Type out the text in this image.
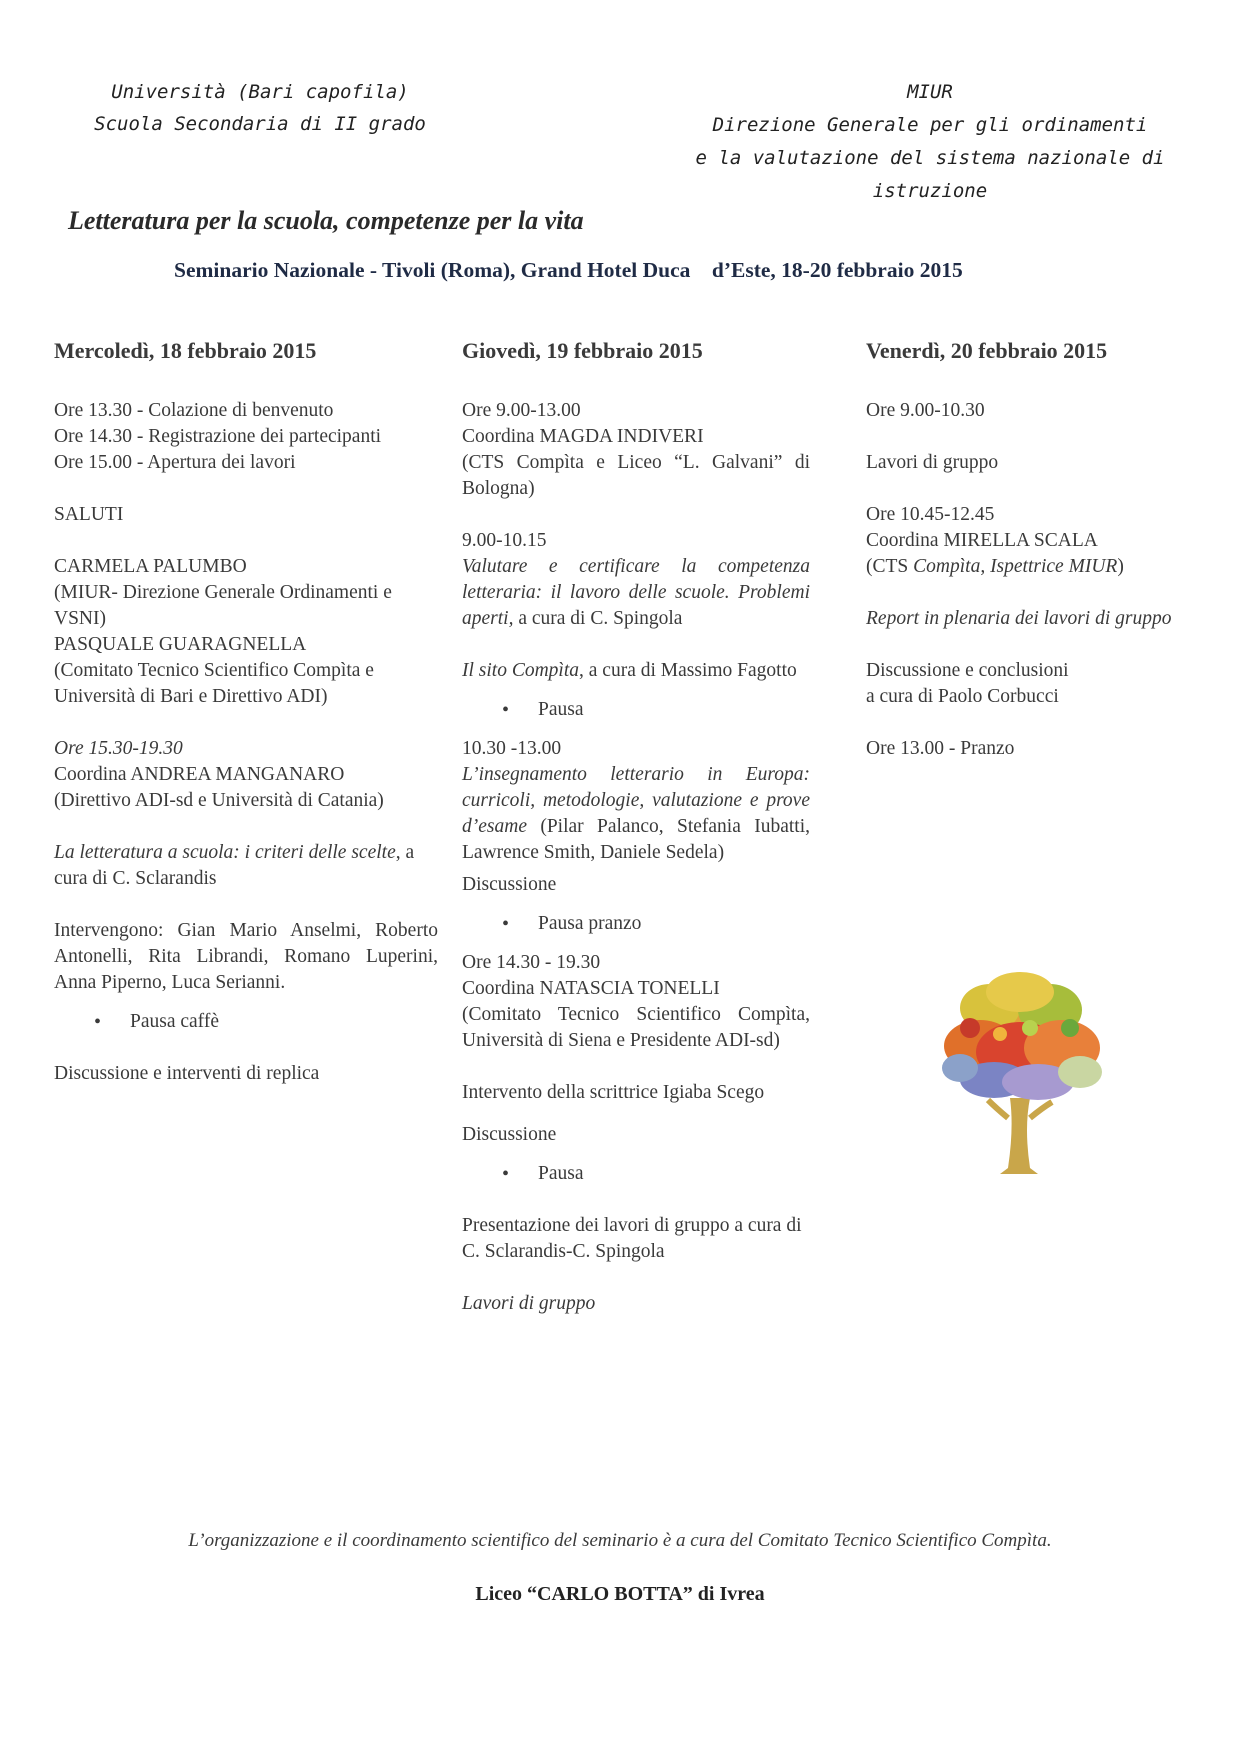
Università (Bari capofila)
Scuola Secondaria di II grado
MIUR
Direzione Generale per gli ordinamenti
e la valutazione del sistema nazionale di
istruzione
Letteratura per la scuola, competenze per la vita
Seminario Nazionale - Tivoli (Roma), Grand Hotel Duca    d’Este, 18-20 febbraio 2015
Mercoledì, 18 febbraio 2015

Ore 13.30 - Colazione di benvenuto

Ore 14.30 - Registrazione dei partecipanti

Ore 15.00 - Apertura dei lavori

SALUTI

CARMELA PALUMBO

(MIUR- Direzione Generale Ordinamenti e VSNI)

PASQUALE GUARAGNELLA

(Comitato Tecnico Scientifico Compìta e Università di Bari e Direttivo ADI)

Ore 15.30-19.30

Coordina ANDREA MANGANARO

(Direttivo ADI-sd e Università di Catania)

La letteratura a scuola: i criteri delle scelte, a cura di C. Sclarandis

Intervengono: Gian Mario Anselmi, Roberto Antonelli, Rita Librandi, Romano Luperini, Anna Piperno, Luca Serianni.

• Pausa caffè

Discussione e interventi di replica

Giovedì, 19 febbraio 2015

Ore 9.00-13.00

Coordina MAGDA INDIVERI

(CTS Compìta e Liceo “L. Galvani” di Bologna)

9.00-10.15

Valutare e certificare la competenza letteraria: il lavoro delle scuole. Problemi aperti, a cura di C. Spingola

Il sito Compìta, a cura di Massimo Fagotto

• Pausa

10.30 -13.00

L’insegnamento letterario in Europa: curricoli, metodologie, valutazione e prove d’esame (Pilar Palanco, Stefania Iubatti, Lawrence Smith, Daniele Sedela)

Discussione

• Pausa pranzo

Ore 14.30 - 19.30

Coordina NATASCIA TONELLI

(Comitato Tecnico Scientifico Compìta, Università di Siena e Presidente ADI-sd)

Intervento della scrittrice Igiaba Scego

Discussione

• Pausa

Presentazione dei lavori di gruppo a cura di C. Sclarandis-C. Spingola

Lavori di gruppo

Venerdì, 20 febbraio 2015

Ore 9.00-10.30

Lavori di gruppo

Ore 10.45-12.45

Coordina MIRELLA SCALA

(CTS Compìta, Ispettrice MIUR)

Report in plenaria dei lavori di gruppo

Discussione e conclusioni

a cura di Paolo Corbucci

Ore 13.00 - Pranzo

L’organizzazione e il coordinamento scientifico del seminario è a cura del Comitato Tecnico Scientifico Compìta.
Liceo “CARLO BOTTA” di Ivrea
